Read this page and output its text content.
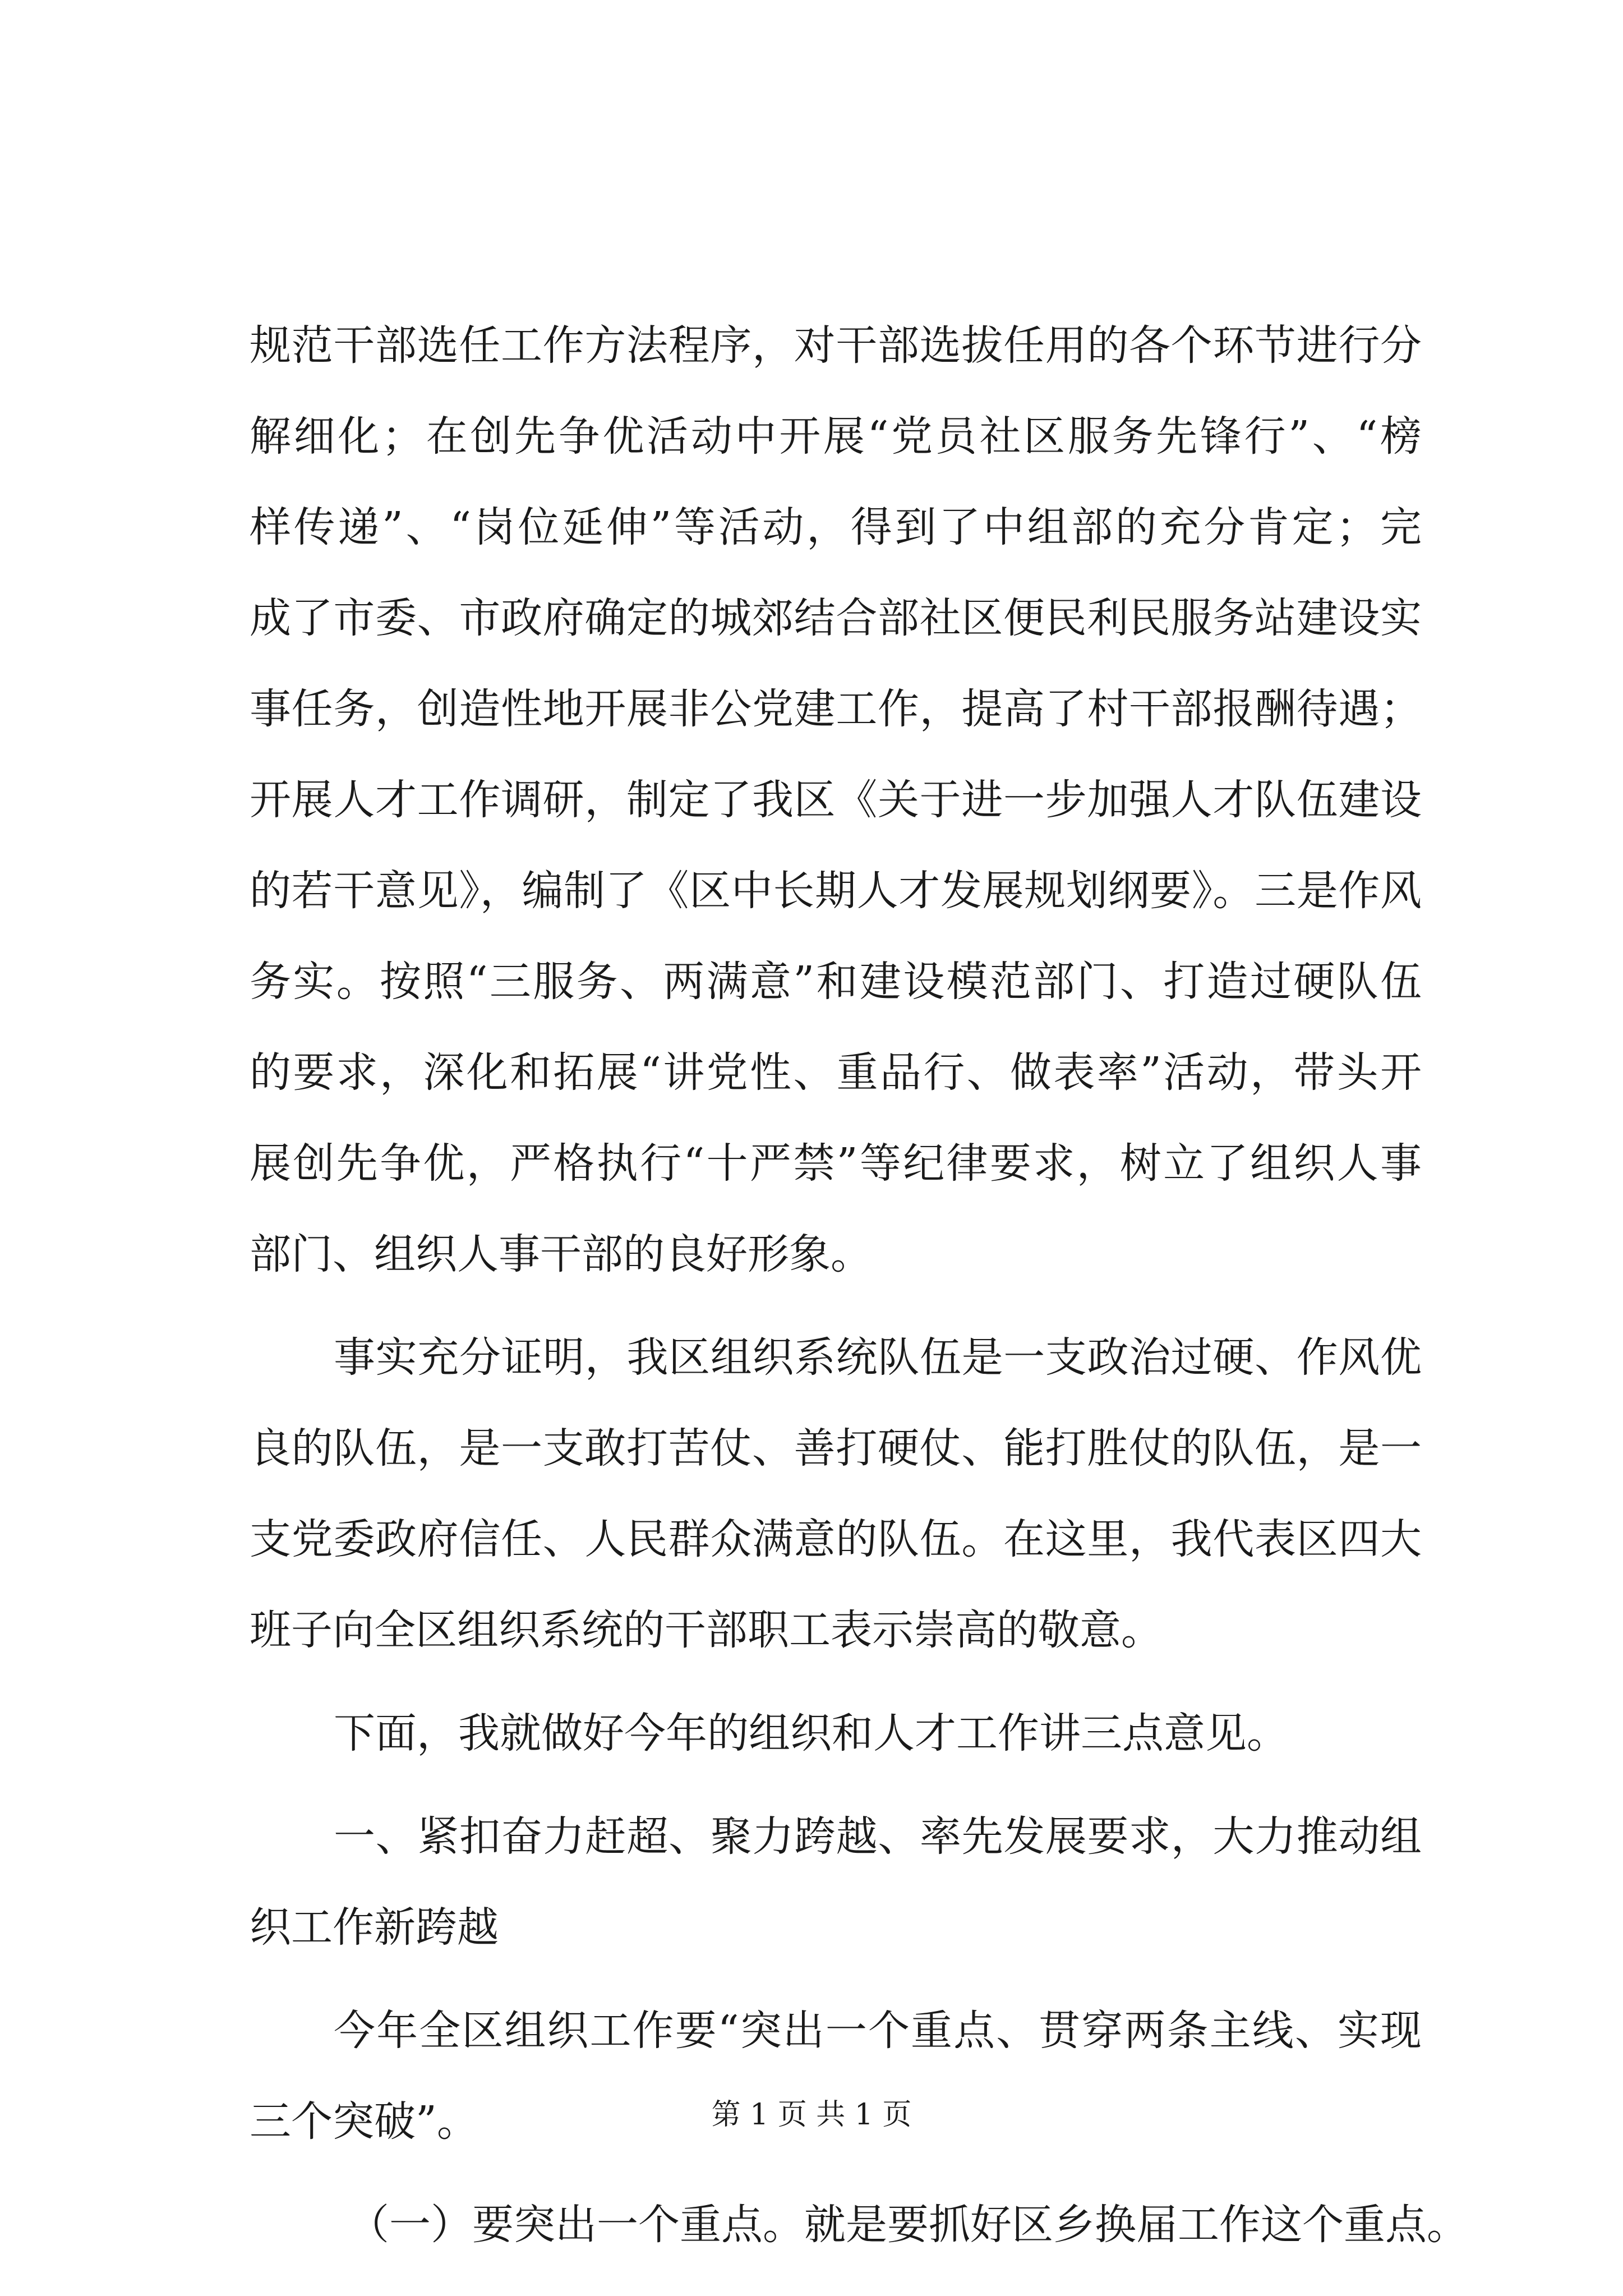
规范干部选任工作方法程序，对干部选拔任用的各个环节进行分
解细化；在创先争优活动中开展“党员社区服务先锋行”、“榜
样传递”、“岗位延伸”等活动，得到了中组部的充分肯定；完
成了市委、市政府确定的城郊结合部社区便民利民服务站建设实
事任务，创造性地开展非公党建工作，提高了村干部报酬待遇；
开展人才工作调研，制定了我区《关于进一步加强人才队伍建设
的若干意见》，编制了《区中长期人才发展规划纲要》。三是作风
务实。按照“三服务、两满意”和建设模范部门、打造过硬队伍
的要求，深化和拓展“讲党性、重品行、做表率”活动，带头开
展创先争优，严格执行“十严禁”等纪律要求，树立了组织人事
部门、组织人事干部的良好形象。
事实充分证明，我区组织系统队伍是一支政治过硬、作风优
良的队伍，是一支敢打苦仗、善打硬仗、能打胜仗的队伍，是一
支党委政府信任、人民群众满意的队伍。在这里，我代表区四大
班子向全区组织系统的干部职工表示崇高的敬意。
下面，我就做好今年的组织和人才工作讲三点意见。
一、紧扣奋力赶超、聚力跨越、率先发展要求，大力推动组
织工作新跨越
今年全区组织工作要“突出一个重点、贯穿两条主线、实现
三个突破”。
（一）要突出一个重点。就是要抓好区乡换届工作这个重点。
第 1 页 共 1 页
